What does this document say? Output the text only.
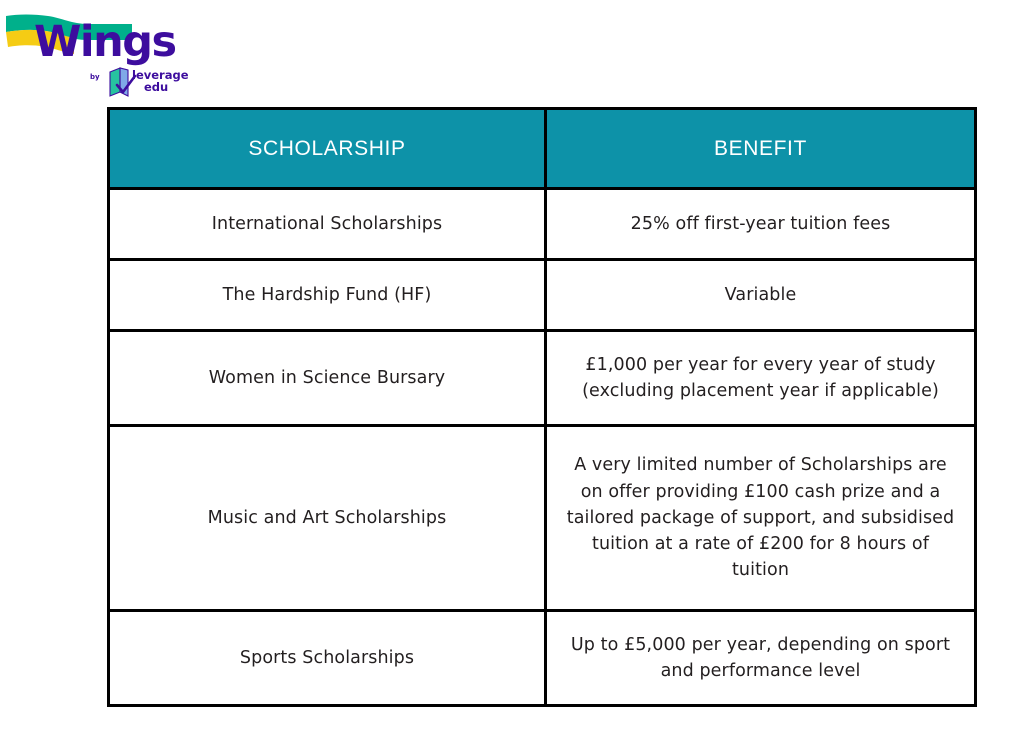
Wings
by	leverage
edu
SCHOLARSHIP	BENEFIT

International Scholarships	25% off first-year tuition fees

The Hardship Fund (HF)	Variable

Women in Science Bursary	£1,000 per year for every year of study (excluding placement year if applicable)

Music and Art Scholarships	A very limited number of Scholarships are on offer providing £100 cash prize and a tailored package of support, and subsidised tuition at a rate of £200 for 8 hours of tuition

Sports Scholarships	Up to £5,000 per year, depending on sport and performance level
